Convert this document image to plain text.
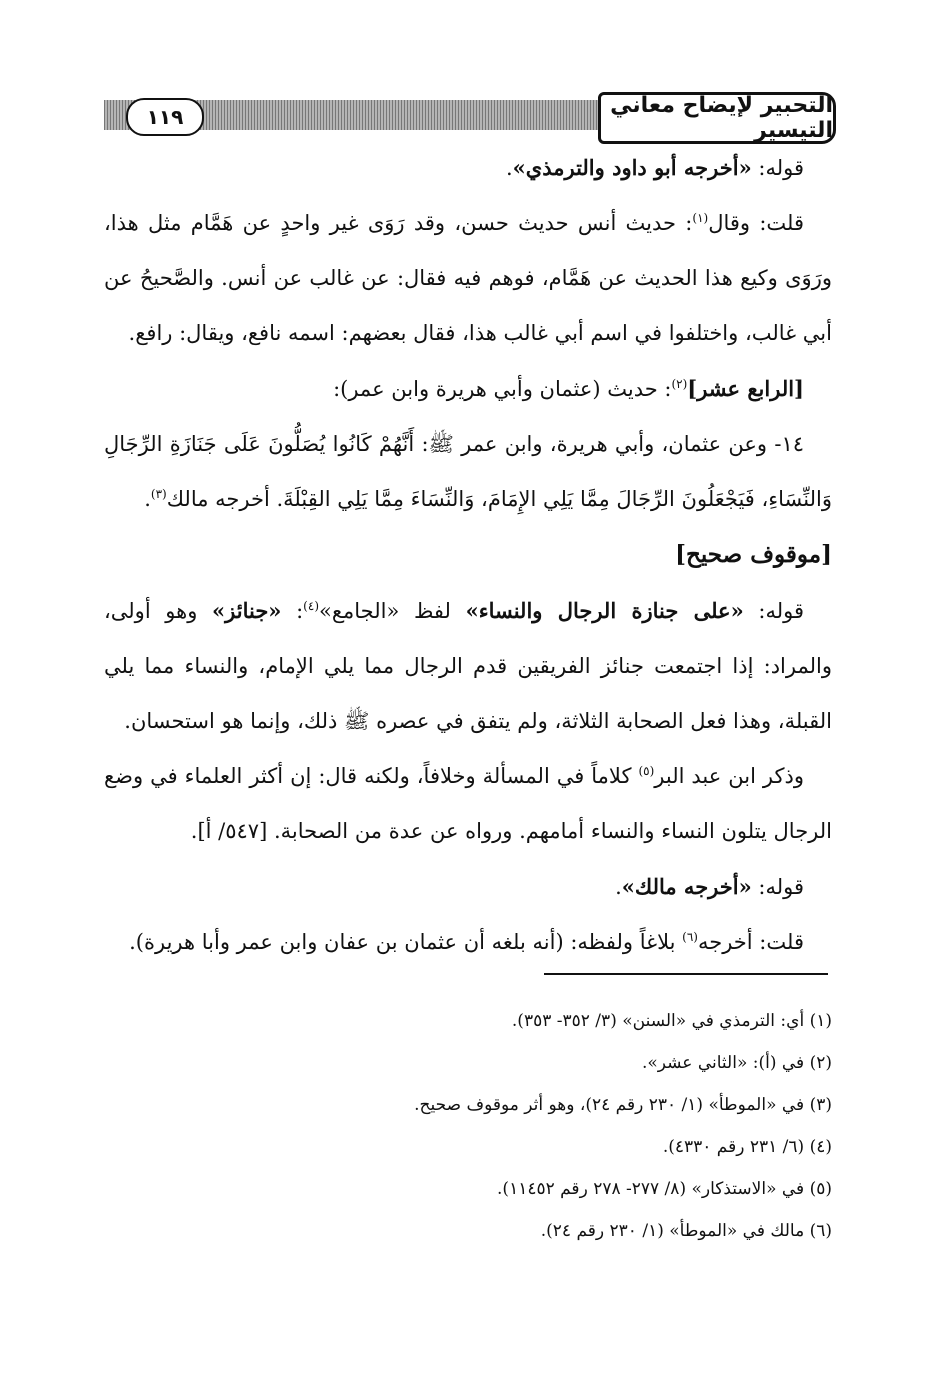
التحبير لإيضاح معاني التيسير
١١٩

قوله: «أخرجه أبو داود والترمذي».

قلت: وقال$^{(١)}$: حديث أنس حديث حسن، وقد رَوَى غير واحدٍ عن هَمَّام مثل هذا، ورَوَى وكيع هذا الحديث عن هَمَّام، فوهم فيه فقال: عن غالب عن أنس. والصَّحيحُ عن أبي غالب، واختلفوا في اسم أبي غالب هذا، فقال بعضهم: اسمه نافع، ويقال: رافع.

[الرابع عشر]$^{(٢)}$: حديث (عثمان وأبي هريرة وابن عمر):

١٤- وعن عثمان، وأبي هريرة، وابن عمر ﷺ: أَنَّهُمْ كَانُوا يُصَلُّونَ عَلَى جَنَازَةِ الرِّجَالِ وَالنِّسَاءِ، فَيَجْعَلُونَ الرِّجَالَ مِمَّا يَلِي الإِمَامَ، وَالنِّسَاءَ مِمَّا يَلِي القِبْلَةَ. أخرجه مالك$^{(٣)}$.

[موقوف صحيح]

قوله: «على جنازة الرجال والنساء» لفظ «الجامع»$^{(٤)}$: «جنائز» وهو أولى، والمراد: إذا اجتمعت جنائز الفريقين قدم الرجال مما يلي الإمام، والنساء مما يلي القبلة، وهذا فعل الصحابة الثلاثة، ولم يتفق في عصره ﷺ ذلك، وإنما هو استحسان.

وذكر ابن عبد البر$^{(٥)}$ كلاماً في المسألة وخلافاً، ولكنه قال: إن أكثر العلماء في وضع الرجال يتلون النساء والنساء أمامهم. ورواه عن عدة من الصحابة. [٥٤٧/ أ].

قوله: «أخرجه مالك».

قلت: أخرجه$^{(٦)}$ بلاغاً ولفظه: (أنه بلغه أن عثمان بن عفان وابن عمر وأبا هريرة).

(١) أي: الترمذي في «السنن» (٣/ ٣٥٢- ٣٥٣).

(٢) في (أ): «الثاني عشر».

(٣) في «الموطأ» (١/ ٢٣٠ رقم ٢٤)، وهو أثر موقوف صحيح.

(٤) (٦/ ٢٣١ رقم ٤٣٣٠).

(٥) في «الاستذكار» (٨/ ٢٧٧- ٢٧٨ رقم ١١٤٥٢).

(٦) مالك في «الموطأ» (١/ ٢٣٠ رقم ٢٤).
